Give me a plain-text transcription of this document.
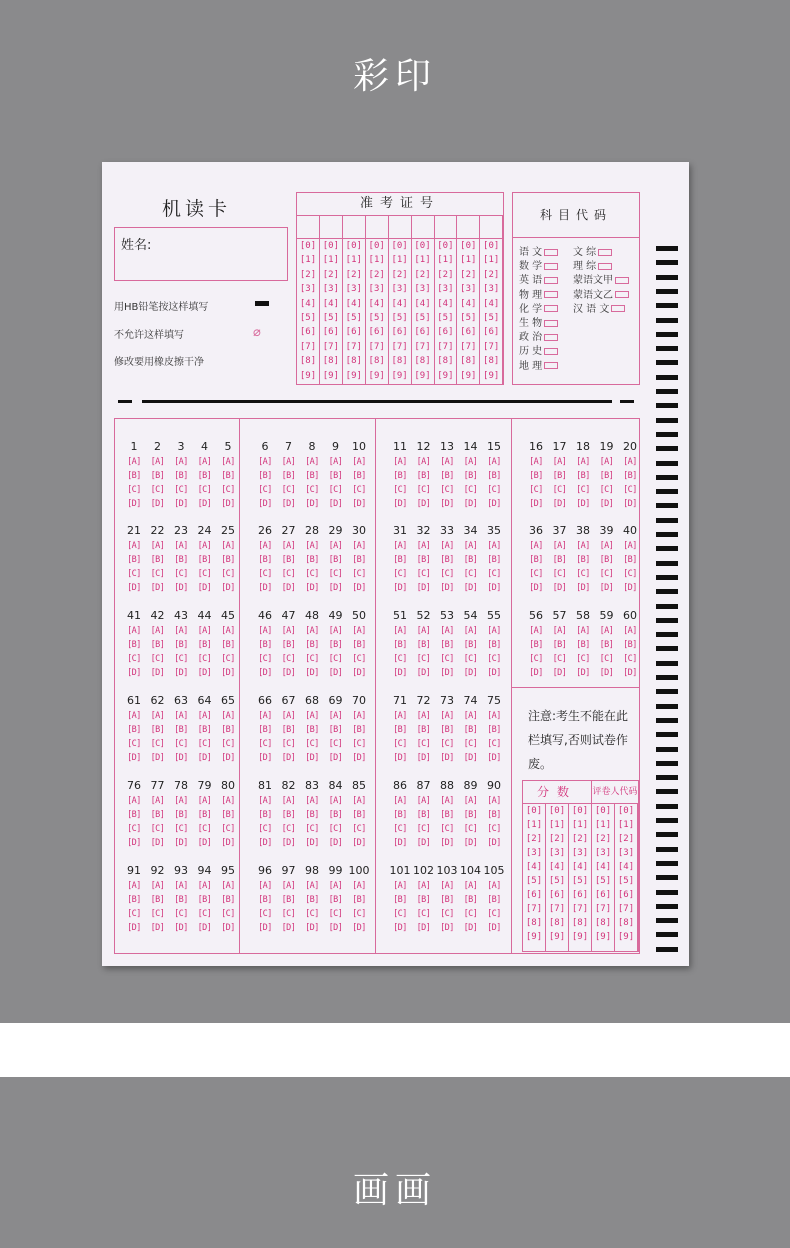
彩印
画画
机读卡
姓名:
用HB铅笔按这样填写
不允许这样填写
修改要用橡皮擦干净
⌀
准考证号
[0]
[1]
[2]
[3]
[4]
[5]
[6]
[7]
[8]
[9]
[0]
[1]
[2]
[3]
[4]
[5]
[6]
[7]
[8]
[9]
[0]
[1]
[2]
[3]
[4]
[5]
[6]
[7]
[8]
[9]
[0]
[1]
[2]
[3]
[4]
[5]
[6]
[7]
[8]
[9]
[0]
[1]
[2]
[3]
[4]
[5]
[6]
[7]
[8]
[9]
[0]
[1]
[2]
[3]
[4]
[5]
[6]
[7]
[8]
[9]
[0]
[1]
[2]
[3]
[4]
[5]
[6]
[7]
[8]
[9]
[0]
[1]
[2]
[3]
[4]
[5]
[6]
[7]
[8]
[9]
[0]
[1]
[2]
[3]
[4]
[5]
[6]
[7]
[8]
[9]
科目代码
语 文
数 学
英 语
物 理
化 学
生 物
政 治
历 史
地 理
文 综
理 综
蒙语文甲
蒙语文乙
汉 语 文
1
[A]
[B]
[C]
[D]
2
[A]
[B]
[C]
[D]
3
[A]
[B]
[C]
[D]
4
[A]
[B]
[C]
[D]
5
[A]
[B]
[C]
[D]
6
[A]
[B]
[C]
[D]
7
[A]
[B]
[C]
[D]
8
[A]
[B]
[C]
[D]
9
[A]
[B]
[C]
[D]
10
[A]
[B]
[C]
[D]
11
[A]
[B]
[C]
[D]
12
[A]
[B]
[C]
[D]
13
[A]
[B]
[C]
[D]
14
[A]
[B]
[C]
[D]
15
[A]
[B]
[C]
[D]
16
[A]
[B]
[C]
[D]
17
[A]
[B]
[C]
[D]
18
[A]
[B]
[C]
[D]
19
[A]
[B]
[C]
[D]
20
[A]
[B]
[C]
[D]
21
[A]
[B]
[C]
[D]
22
[A]
[B]
[C]
[D]
23
[A]
[B]
[C]
[D]
24
[A]
[B]
[C]
[D]
25
[A]
[B]
[C]
[D]
26
[A]
[B]
[C]
[D]
27
[A]
[B]
[C]
[D]
28
[A]
[B]
[C]
[D]
29
[A]
[B]
[C]
[D]
30
[A]
[B]
[C]
[D]
31
[A]
[B]
[C]
[D]
32
[A]
[B]
[C]
[D]
33
[A]
[B]
[C]
[D]
34
[A]
[B]
[C]
[D]
35
[A]
[B]
[C]
[D]
36
[A]
[B]
[C]
[D]
37
[A]
[B]
[C]
[D]
38
[A]
[B]
[C]
[D]
39
[A]
[B]
[C]
[D]
40
[A]
[B]
[C]
[D]
41
[A]
[B]
[C]
[D]
42
[A]
[B]
[C]
[D]
43
[A]
[B]
[C]
[D]
44
[A]
[B]
[C]
[D]
45
[A]
[B]
[C]
[D]
46
[A]
[B]
[C]
[D]
47
[A]
[B]
[C]
[D]
48
[A]
[B]
[C]
[D]
49
[A]
[B]
[C]
[D]
50
[A]
[B]
[C]
[D]
51
[A]
[B]
[C]
[D]
52
[A]
[B]
[C]
[D]
53
[A]
[B]
[C]
[D]
54
[A]
[B]
[C]
[D]
55
[A]
[B]
[C]
[D]
56
[A]
[B]
[C]
[D]
57
[A]
[B]
[C]
[D]
58
[A]
[B]
[C]
[D]
59
[A]
[B]
[C]
[D]
60
[A]
[B]
[C]
[D]
61
[A]
[B]
[C]
[D]
62
[A]
[B]
[C]
[D]
63
[A]
[B]
[C]
[D]
64
[A]
[B]
[C]
[D]
65
[A]
[B]
[C]
[D]
66
[A]
[B]
[C]
[D]
67
[A]
[B]
[C]
[D]
68
[A]
[B]
[C]
[D]
69
[A]
[B]
[C]
[D]
70
[A]
[B]
[C]
[D]
71
[A]
[B]
[C]
[D]
72
[A]
[B]
[C]
[D]
73
[A]
[B]
[C]
[D]
74
[A]
[B]
[C]
[D]
75
[A]
[B]
[C]
[D]
76
[A]
[B]
[C]
[D]
77
[A]
[B]
[C]
[D]
78
[A]
[B]
[C]
[D]
79
[A]
[B]
[C]
[D]
80
[A]
[B]
[C]
[D]
81
[A]
[B]
[C]
[D]
82
[A]
[B]
[C]
[D]
83
[A]
[B]
[C]
[D]
84
[A]
[B]
[C]
[D]
85
[A]
[B]
[C]
[D]
86
[A]
[B]
[C]
[D]
87
[A]
[B]
[C]
[D]
88
[A]
[B]
[C]
[D]
89
[A]
[B]
[C]
[D]
90
[A]
[B]
[C]
[D]
91
[A]
[B]
[C]
[D]
92
[A]
[B]
[C]
[D]
93
[A]
[B]
[C]
[D]
94
[A]
[B]
[C]
[D]
95
[A]
[B]
[C]
[D]
96
[A]
[B]
[C]
[D]
97
[A]
[B]
[C]
[D]
98
[A]
[B]
[C]
[D]
99
[A]
[B]
[C]
[D]
100
[A]
[B]
[C]
[D]
101
[A]
[B]
[C]
[D]
102
[A]
[B]
[C]
[D]
103
[A]
[B]
[C]
[D]
104
[A]
[B]
[C]
[D]
105
[A]
[B]
[C]
[D]
注意:考生不能在此栏填写,否则试卷作废。
分数	评卷人代码
[0]
[1]
[2]
[3]
[4]
[5]
[6]
[7]
[8]
[9]
[0]
[1]
[2]
[3]
[4]
[5]
[6]
[7]
[8]
[9]
[0]
[1]
[2]
[3]
[4]
[5]
[6]
[7]
[8]
[9]
[0]
[1]
[2]
[3]
[4]
[5]
[6]
[7]
[8]
[9]
[0]
[1]
[2]
[3]
[4]
[5]
[6]
[7]
[8]
[9]
